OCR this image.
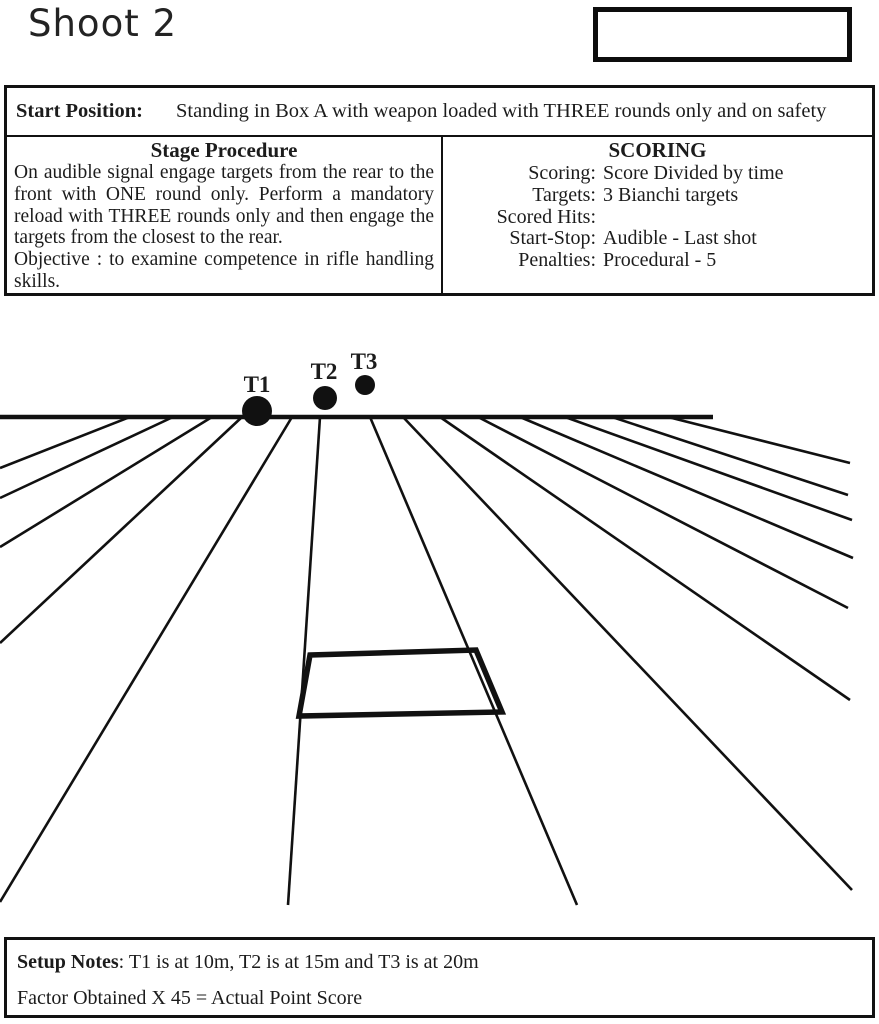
Shoot 2
Start Position: Standing in Box A with weapon loaded with THREE rounds only and on safety
Stage Procedure

On audible signal engage targets from the rear to the front with ONE round only. Perform a mandatory reload with THREE rounds only and then engage the targets from the closest to the rear.

Objective : to examine competence in rifle handling skills.

SCORING
Scoring: Score Divided by time
Targets: 3 Bianchi targets
Scored Hits:
Start-Stop: Audible - Last shot
Penalties: Procedural - 5
T1
T2 T3

Setup Notes: T1 is at 10m, T2 is at 15m and T3 is at 20m

Factor Obtained X 45 = Actual Point Score
